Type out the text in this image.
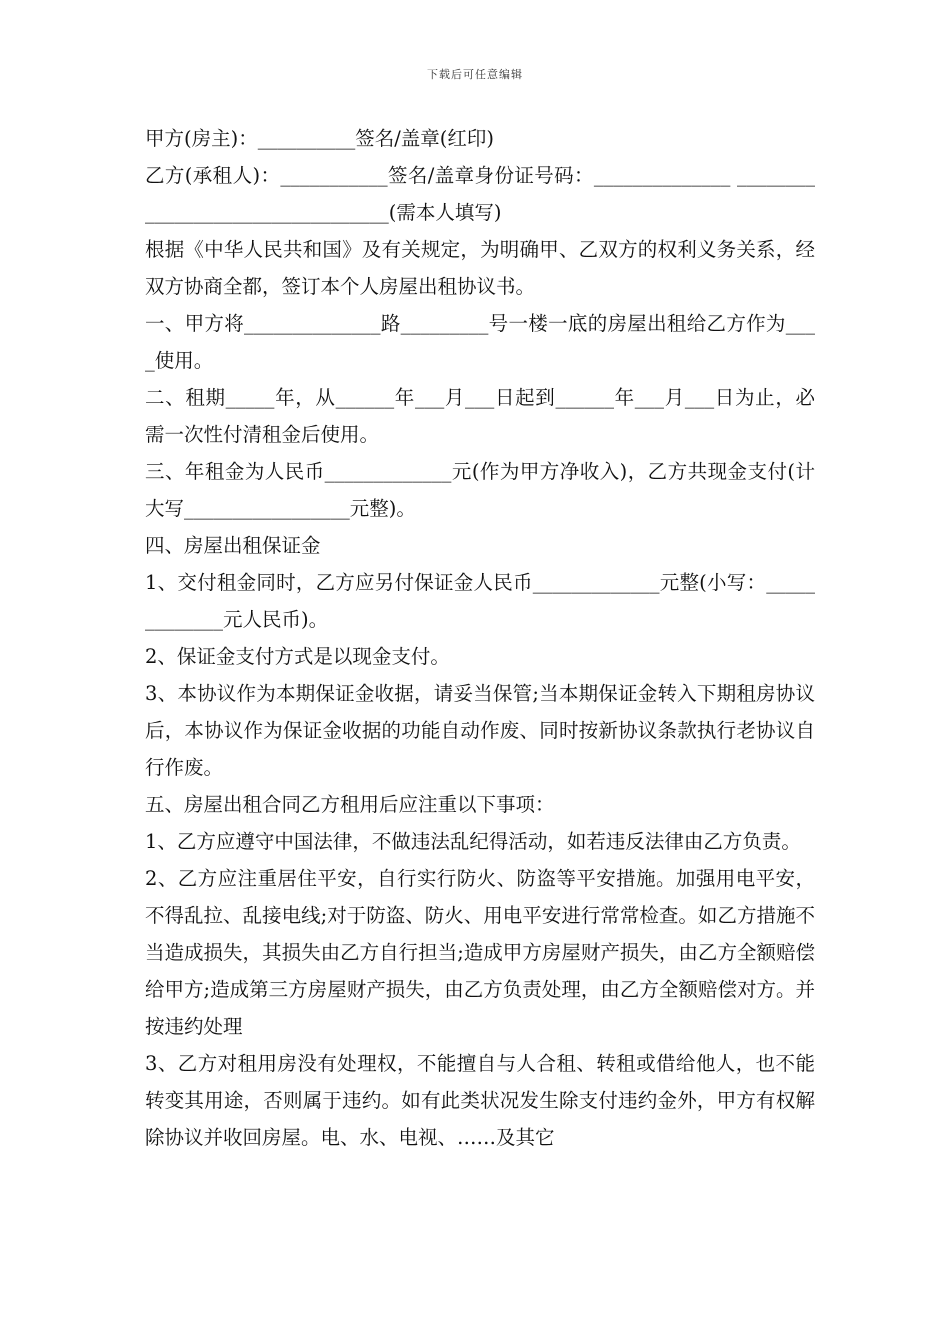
下载后可任意编辑

甲方(房主)：__________签名/盖章(红印)

乙方(承租人)：___________签名/盖章身份证号码：______________ _________________________________(需本人填写)

根据《中华人民共和国》及有关规定，为明确甲、乙双方的权利义务关系，经双方协商全都，签订本个人房屋出租协议书。

一、甲方将______________路_________号一楼一底的房屋出租给乙方作为____使用。

二、租期_____年，从______年___月___日起到______年___月___日为止，必需一次性付清租金后使用。

三、年租金为人民币_____________元(作为甲方净收入)，乙方共现金支付(计大写_________________元整)。

四、房屋出租保证金

1、交付租金同时，乙方应另付保证金人民币_____________元整(小写：_____________元人民币)。

2、保证金支付方式是以现金支付。

3、本协议作为本期保证金收据，请妥当保管;当本期保证金转入下期租房协议后，本协议作为保证金收据的功能自动作废、同时按新协议条款执行老协议自行作废。

五、房屋出租合同乙方租用后应注重以下事项：

1、乙方应遵守中国法律，不做违法乱纪得活动，如若违反法律由乙方负责。

2、乙方应注重居住平安，自行实行防火、防盗等平安措施。加强用电平安，不得乱拉、乱接电线;对于防盗、防火、用电平安进行常常检查。如乙方措施不当造成损失，其损失由乙方自行担当;造成甲方房屋财产损失，由乙方全额赔偿给甲方;造成第三方房屋财产损失，由乙方负责处理，由乙方全额赔偿对方。并按违约处理

3、乙方对租用房没有处理权，不能擅自与人合租、转租或借给他人，也不能转变其用途，否则属于违约。如有此类状况发生除支付违约金外，甲方有权解除协议并收回房屋。电、水、电视、……及其它
